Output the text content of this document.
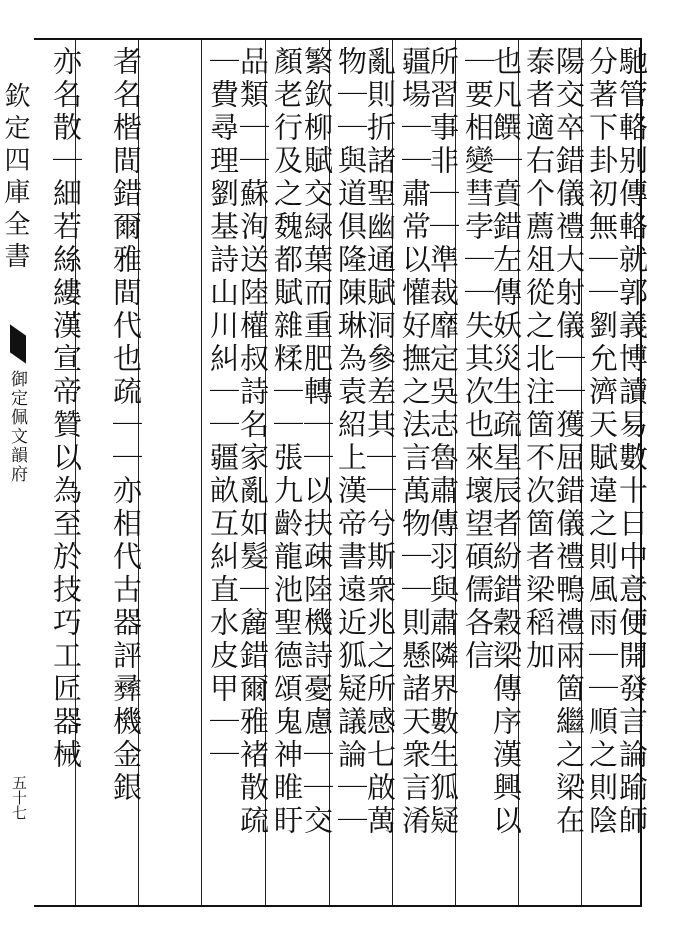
欽定四庫全書
御定佩文韻府
五十七	馳管輅别傳輅就郭義博讀易數十日中意便開發言論踰師
分著下卦初無｜｜劉允濟天賦違之則風雨｜｜順之則陰
陽交卒錯儀禮大射儀｜｜獲屈錯儀禮鴨禮兩箇繼之梁在
泰者適右个薦俎從之北注箇不次箇者梁稻加
也凡饌｜賁錯左傳妖災生疏星辰者紛錯穀梁傳序漢興以
｜要相變彗孛｜｜失其次也來壞望碩儒各信
所習事非｜｜準裁靡定吳志魯肅傳羽與肅隣界數生狐疑
疆場｜｜肅常以懽好撫之法言萬物｜｜則懸諸天衆言淆
亂則折諸聖幽通賦洞參差其｜｜兮斯衆兆之所感七啟萬
物｜｜與道俱隆陳琳為袁紹上漢帝書遠近狐疑議論｜｜
繁欽柳賦交緑葉而重肥轉｜｜以扶疎陸機詩憂慮｜｜交
顏老行及之魏都賦雜糅｜｜張九齡龍池聖德頌鬼神睢盱
品類｜｜蘇洵送陸權叔詩名家亂如髮｜麄錯爾雅褚散疏
｜費尋理劉基詩山川糾｜｜疆畝互糾直水皮甲｜｜
者名楷間錯爾雅間代也疏｜｜亦相代古器評彞機金銀
亦名散｜細若絲縷漢宣帝贊以為至於技巧工匠器械
